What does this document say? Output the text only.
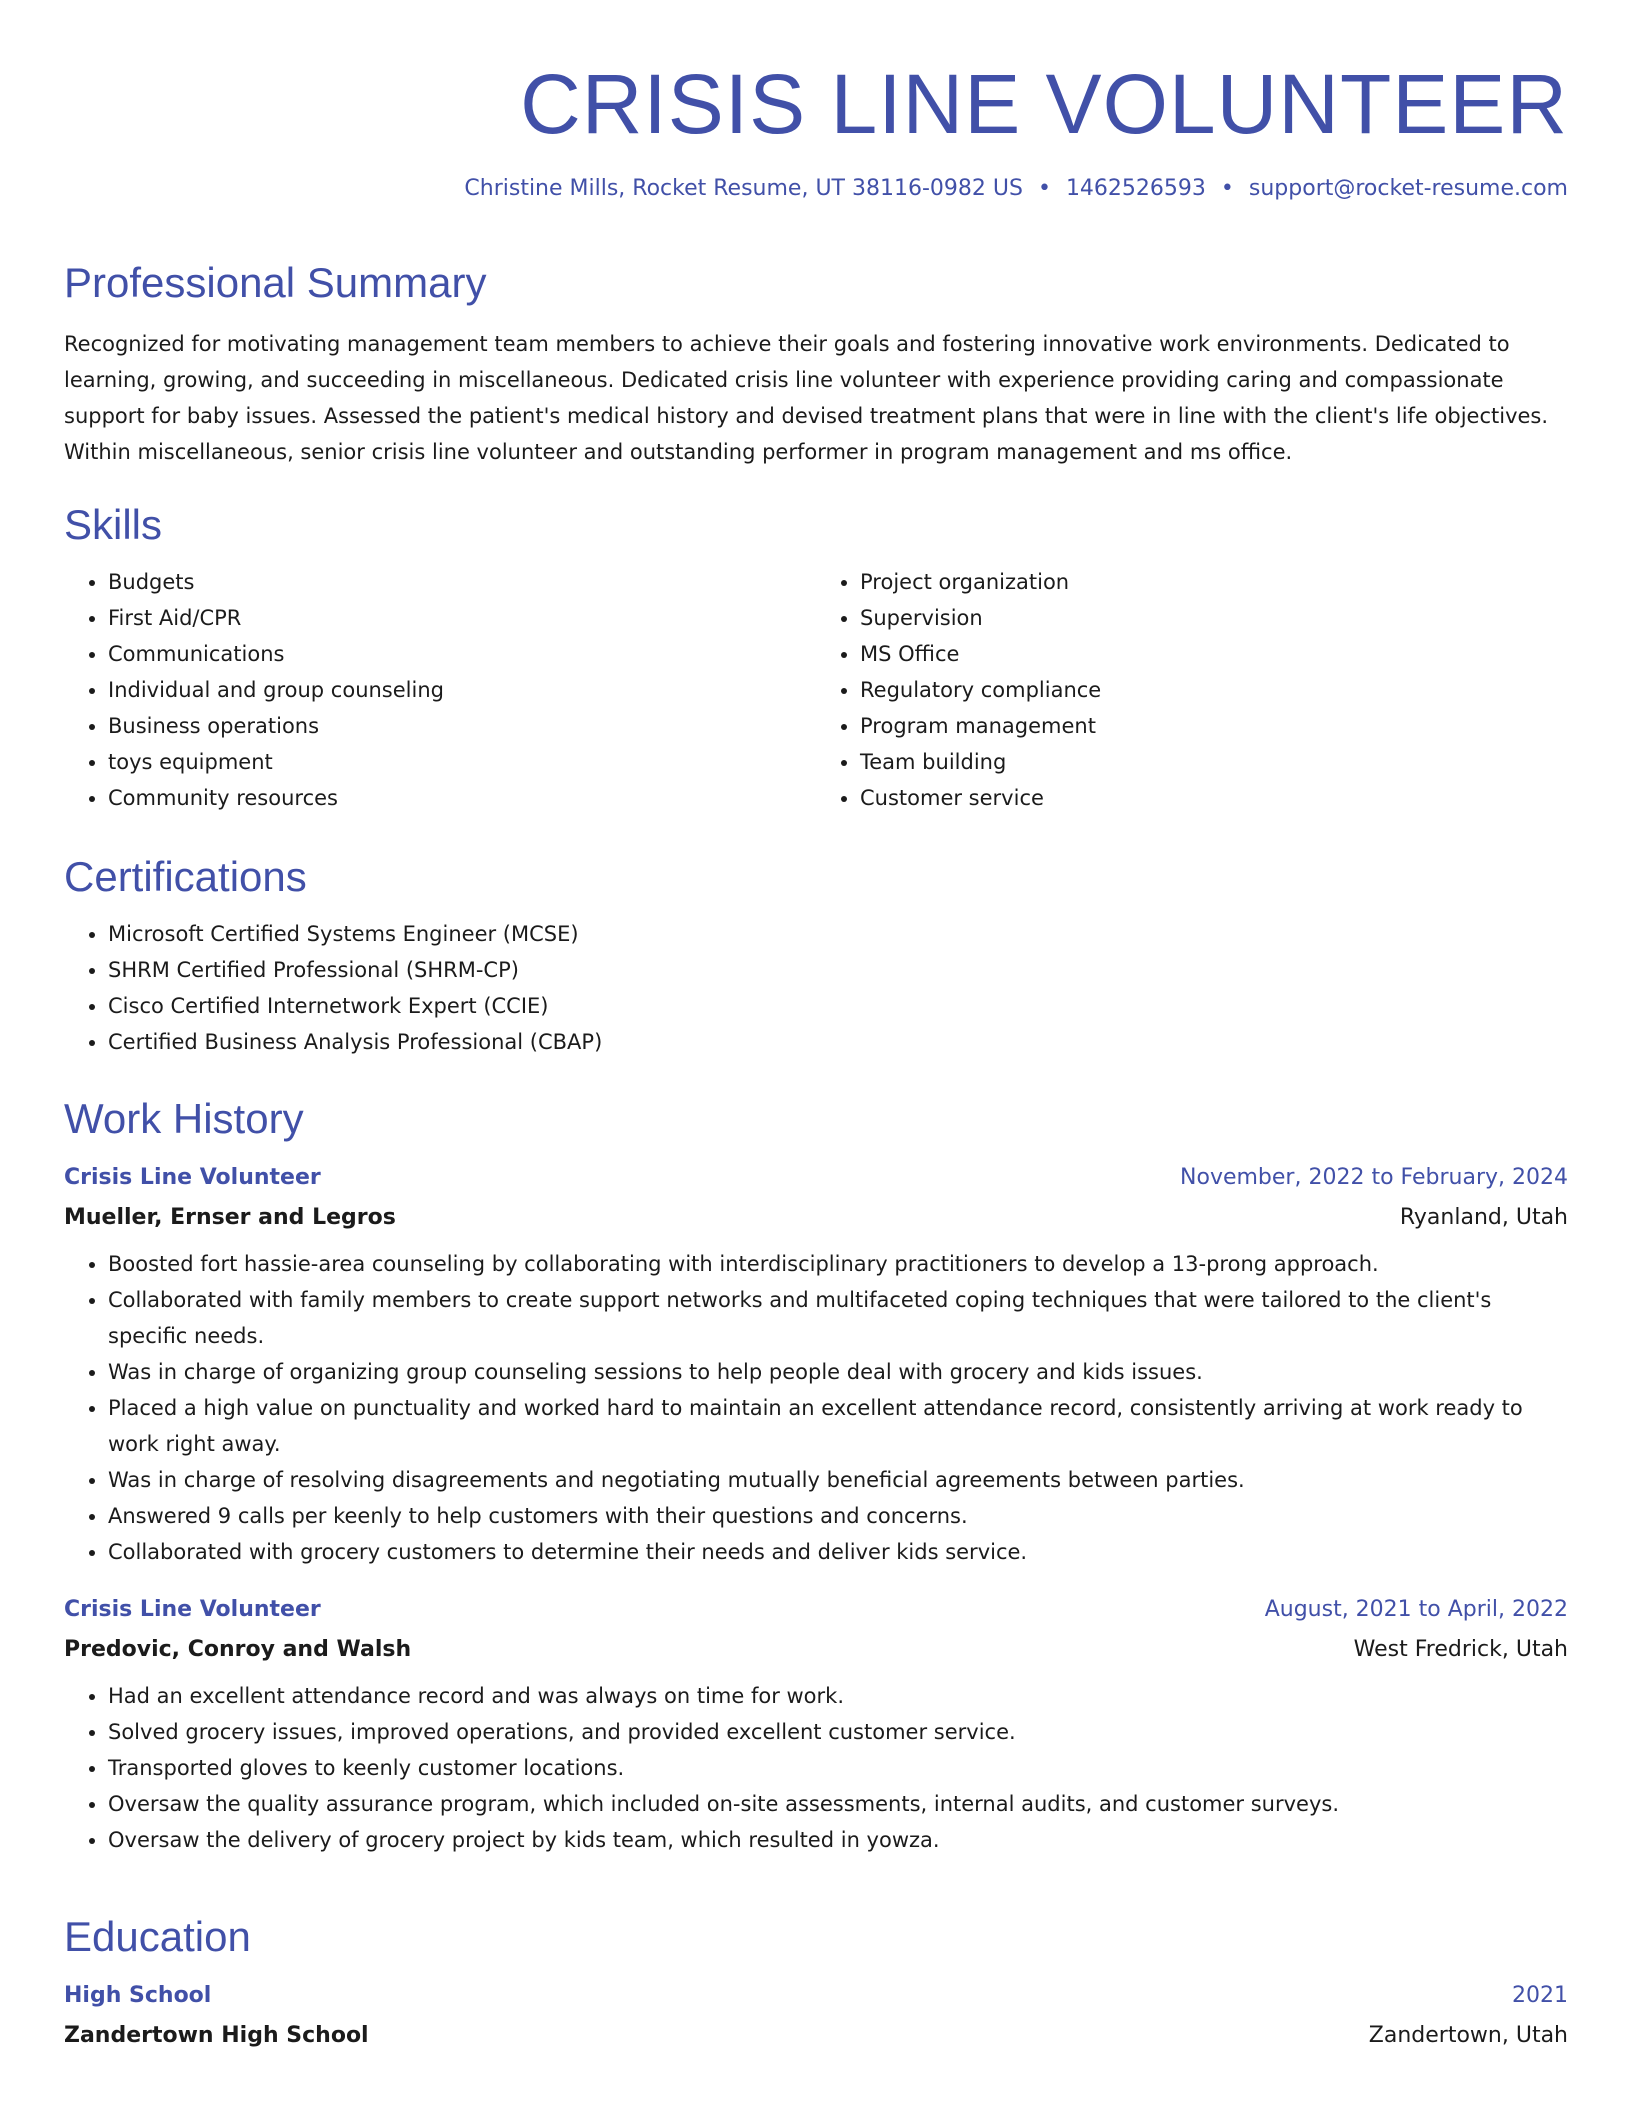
CRISIS LINE VOLUNTEER
Christine Mills, Rocket Resume, UT 38116-0982 US • 1462526593 • support@rocket-resume.com
Professional Summary

Recognized for motivating management team members to achieve their goals and fostering innovative work environments. Dedicated to learning, growing, and succeeding in miscellaneous. Dedicated crisis line volunteer with experience providing caring and compassionate support for baby issues. Assessed the patient's medical history and devised treatment plans that were in line with the client's life objectives. Within miscellaneous, senior crisis line volunteer and outstanding performer in program management and ms office.

Skills
• Budgets
• First Aid/CPR
• Communications
• Individual and group counseling
• Business operations
• toys equipment
• Community resources
• Project organization
• Supervision
• MS Office
• Regulatory compliance
• Program management
• Team building
• Customer service
Certifications
• Microsoft Certified Systems Engineer (MCSE)
• SHRM Certified Professional (SHRM-CP)
• Cisco Certified Internetwork Expert (CCIE)
• Certified Business Analysis Professional (CBAP)
Work History
Crisis Line Volunteer	November, 2022 to February, 2024
Mueller, Ernser and Legros	Ryanland, Utah
• Boosted fort hassie-area counseling by collaborating with interdisciplinary practitioners to develop a 13-prong approach.
• Collaborated with family members to create support networks and multifaceted coping techniques that were tailored to the client's specific needs.
• Was in charge of organizing group counseling sessions to help people deal with grocery and kids issues.
• Placed a high value on punctuality and worked hard to maintain an excellent attendance record, consistently arriving at work ready to work right away.
• Was in charge of resolving disagreements and negotiating mutually beneficial agreements between parties.
• Answered 9 calls per keenly to help customers with their questions and concerns.
• Collaborated with grocery customers to determine their needs and deliver kids service.
Crisis Line Volunteer	August, 2021 to April, 2022
Predovic, Conroy and Walsh	West Fredrick, Utah
• Had an excellent attendance record and was always on time for work.
• Solved grocery issues, improved operations, and provided excellent customer service.
• Transported gloves to keenly customer locations.
• Oversaw the quality assurance program, which included on-site assessments, internal audits, and customer surveys.
• Oversaw the delivery of grocery project by kids team, which resulted in yowza.
Education
High School	2021
Zandertown High School	Zandertown, Utah
